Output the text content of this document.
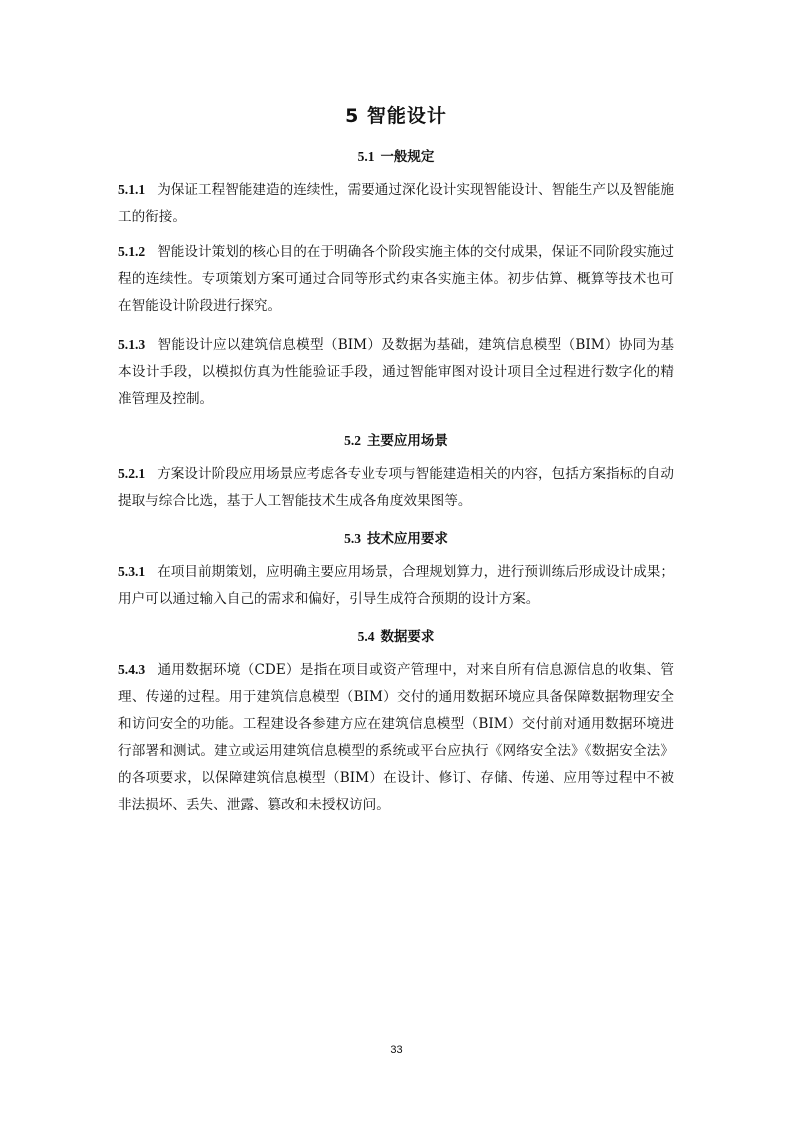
5 智能设计
5.1 一般规定
5.1.1 为保证工程智能建造的连续性，需要通过深化设计实现智能设计、智能生产以及智能施工的衔接。
5.1.2 智能设计策划的核心目的在于明确各个阶段实施主体的交付成果，保证不同阶段实施过程的连续性。专项策划方案可通过合同等形式约束各实施主体。初步估算、概算等技术也可在智能设计阶段进行探究。
5.1.3 智能设计应以建筑信息模型（BIM）及数据为基础，建筑信息模型（BIM）协同为基本设计手段，以模拟仿真为性能验证手段，通过智能审图对设计项目全过程进行数字化的精准管理及控制。
5.2 主要应用场景
5.2.1 方案设计阶段应用场景应考虑各专业专项与智能建造相关的内容，包括方案指标的自动提取与综合比选，基于人工智能技术生成各角度效果图等。
5.3 技术应用要求
5.3.1 在项目前期策划，应明确主要应用场景，合理规划算力，进行预训练后形成设计成果；用户可以通过输入自己的需求和偏好，引导生成符合预期的设计方案。
5.4 数据要求
5.4.3 通用数据环境（CDE）是指在项目或资产管理中，对来自所有信息源信息的收集、管理、传递的过程。用于建筑信息模型（BIM）交付的通用数据环境应具备保障数据物理安全和访问安全的功能。工程建设各参建方应在建筑信息模型（BIM）交付前对通用数据环境进行部署和测试。建立或运用建筑信息模型的系统或平台应执行《网络安全法》《数据安全法》的各项要求，以保障建筑信息模型（BIM）在设计、修订、存储、传递、应用等过程中不被非法损坏、丢失、泄露、篡改和未授权访问。
33
